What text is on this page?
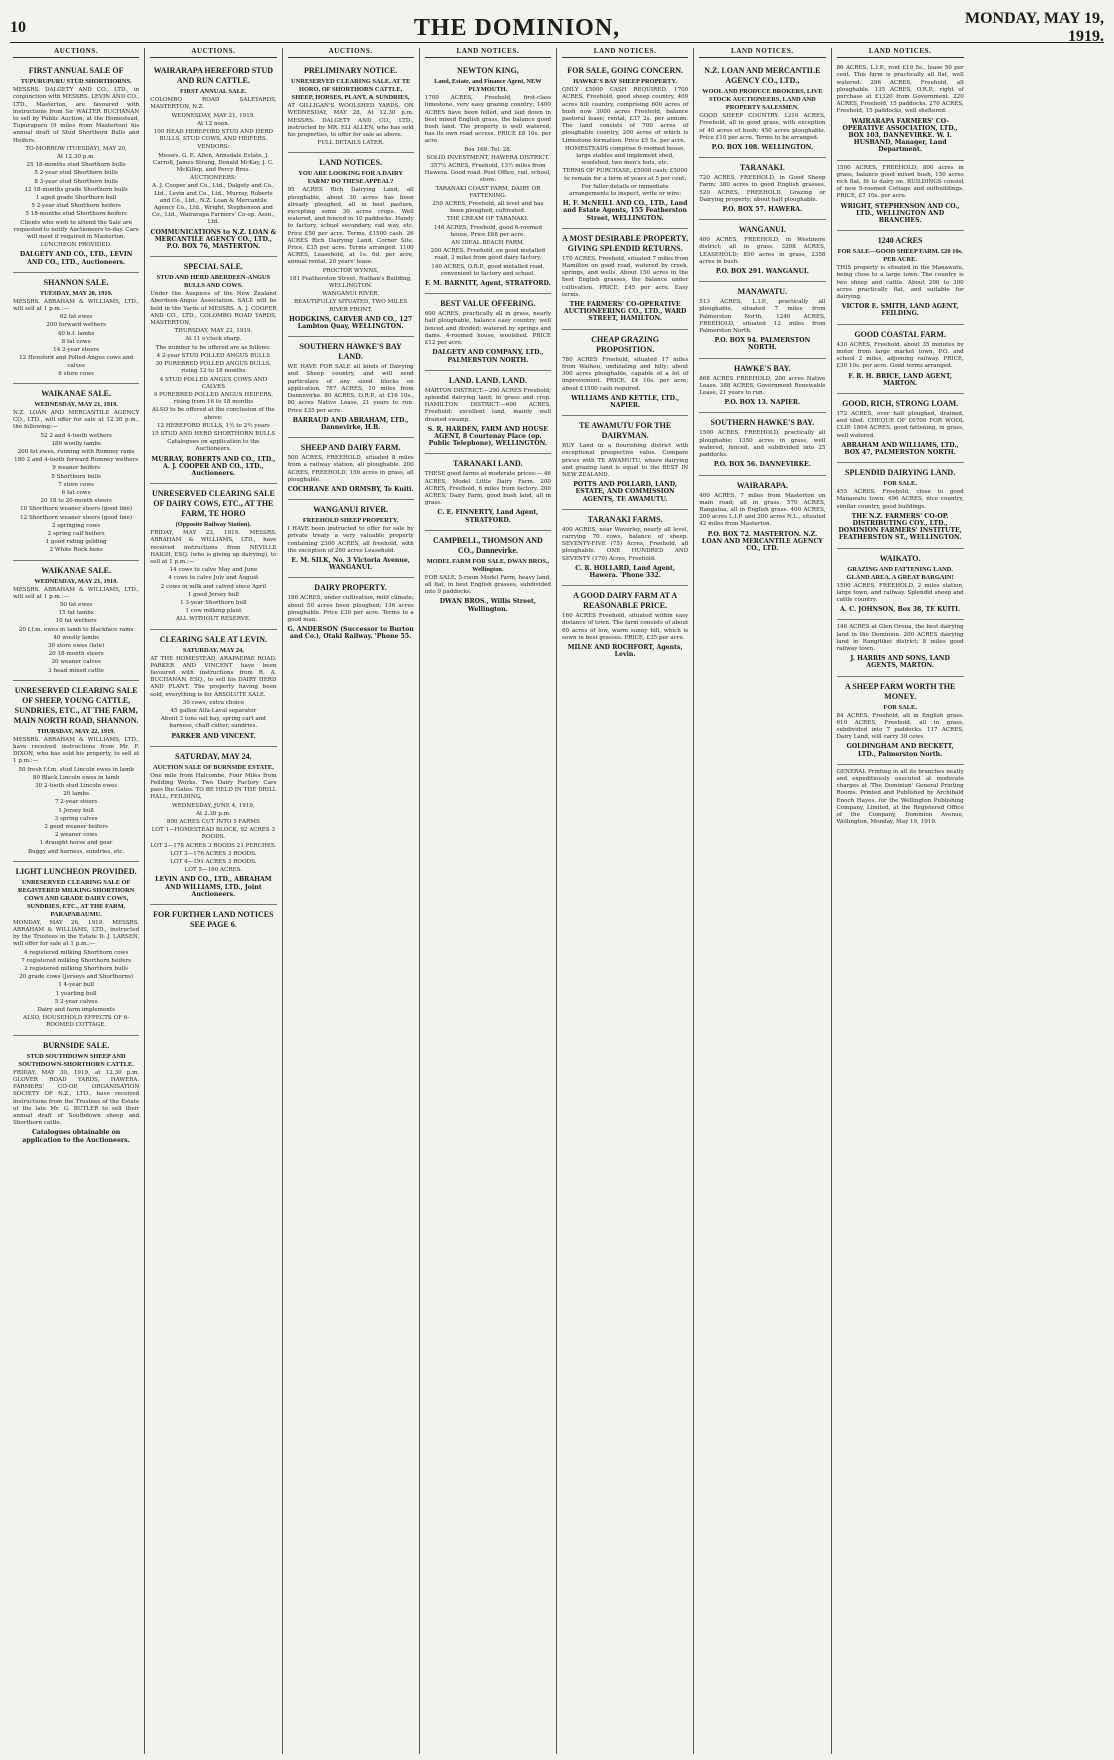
10	THE DOMINION,	MONDAY, MAY 19, 1919.
AUCTIONS.
FIRST ANNUAL SALE OF
TUPURUPURU STUD SHORTHORNS.
MESSRS. DALGETY AND CO., LTD., in conjunction with MESSRS. LEVIN AND CO., LTD., Masterton, are favoured with instructions from Sir WALTER BUCHANAN to sell by Public Auction, at the Homestead, Tupurupuru (9 miles from Masterton) his annual draft of Stud Shorthorn Bulls and Heifers.
TO-MORROW (TUESDAY), MAY 20,
At 12.30 p.m.
25 18-months stud Shorthorn bulls
5 2-year stud Shorthorn bulls
8 3-year stud Shorthorn bulls
12 18-months grade Shorthorn bulls
1 aged grade Shorthorn bull
5 2-year stud Shorthorn heifers
5 18-months stud Shorthorn heifers
Clients who wish to attend the Sale are requested to notify Auctioneers to-day. Cars will meet if required in Masterton.
LUNCHEON PROVIDED.
DALGETY AND CO., LTD., LEVIN AND CO., LTD., Auctioneers.
SHANNON SALE.
TUESDAY, MAY 20, 1919.
MESSRS. ABRAHAM & WILLIAMS, LTD., will sell at 1 p.m.:—
62 fat ewes
200 forward wethers
40 b.f. lambs
8 fat cows
14 2-year steers
12 Hereford and Polled-Angus cows and calves
6 store cows
WAIKANAE SALE.
WEDNESDAY, MAY 21, 1919.
N.Z. LOAN AND MERCANTILE AGENCY CO., LTD., will offer for sale at 12.30 p.m., the following:—
52 2 and 4-tooth wethers
180 woolly lambs
200 fat ewes, running with Romney rams
180 2 and 4-tooth forward Romney wethers
9 weaner heifers
5 Shorthorn bulls
7 store cows
6 fat cows
20 18 to 20-month steers
10 Shorthorn weaner steers (good line)
12 Shorthorn weaner steers (good line)
2 springing cows
2 spring calf heifers
1 good riding gelding
2 White Rock hens
WAIKANAE SALE.
WEDNESDAY, MAY 21, 1919.
MESSRS. ABRAHAM & WILLIAMS, LTD., will sell at 1 p.m.:—
50 fat ewes
15 fat lambs
10 fat wethers
20 f.f.m. ewes in lamb to blackface rams
40 woolly lambs
30 store ewes (late)
20 18-month steers
20 weaner calves
3 head mixed cattle
UNRESERVED CLEARING SALE OF SHEEP, YOUNG CATTLE, SUNDRIES, ETC., AT THE FARM, MAIN NORTH ROAD, SHANNON.
THURSDAY, MAY 22, 1919.
MESSRS. ABRAHAM & WILLIAMS, LTD., have received instructions from Mr. F. DIXON, who has sold his property, to sell at 1 p.m.:—
50 fresh f.f.m. stud Lincoln ewes in lamb
80 Black Lincoln ewes in lamb
30 2-tooth stud Lincoln ewes
20 lambs
7 2-year steers
1 Jersey bull
3 spring calves
2 good weaner heifers
2 weaner cows
1 draught horse and gear
Buggy and harness, sundries, etc.
LIGHT LUNCHEON PROVIDED.
UNRESERVED CLEARING SALE OF REGISTERED MILKING SHORTHORN COWS AND GRADE DAIRY COWS, SUNDRIES, ETC., AT THE FARM, PARAPARAUMU.
MONDAY, MAY 26, 1919. MESSRS. ABRAHAM & WILLIAMS, LTD., instructed by the Trustees in the Estate D. J. LARSEN, will offer for sale at 1 p.m.:—
4 registered milking Shorthorn cows
7 registered milking Shorthorn heifers
2 registered milking Shorthorn bulls
20 grade cows (Jerseys and Shorthorns)
1 4-year bull
1 yearling bull
5 2-year calves
Dairy and farm implements
ALSO, HOUSEHOLD EFFECTS OF 6-ROOMED COTTAGE.
BURNSIDE SALE.
STUD SOUTHDOWN SHEEP AND SOUTHDOWN-SHORTHORN CATTLE.
FRIDAY, MAY 30, 1919, at 12.30 p.m. GLOVER ROAD YARDS, HAWERA. FARMERS' CO-OP. ORGANISATION SOCIETY OF N.Z., LTD., have received instructions from the Trustees of the Estate of the late Mr. G. BUTLER to sell their annual draft of Southdown sheep and Shorthorn cattle.
Catalogues obtainable on application to the Auctioneers.
AUCTIONS.
WAIRARAPA HEREFORD STUD AND RUN CATTLE.
FIRST ANNUAL SALE.
COLOMBO ROAD SALEYARDS, MASTERTON, N.Z.
WEDNESDAY, MAY 21, 1919.
At 12 noon.
100 HEAD HEREFORD STUD AND HERD BULLS, STUD COWS, AND HEIFERS.
VENDORS:
Messrs. G. E. Allen, Annsdale Estate, J. Carroll, James Strang, Donald McKay, J. C. McKillop, and Percy Bros.
AUCTIONEERS:
A. J. Cooper and Co., Ltd., Dalgety and Co., Ltd., Levin and Co., Ltd., Murray, Roberts and Co., Ltd., N.Z. Loan & Mercantile Agency Co., Ltd., Wright, Stephenson and Co., Ltd., Wairarapa Farmers' Co-op. Assn., Ltd.
COMMUNICATIONS to N.Z. LOAN & MERCANTILE AGENCY CO., LTD., P.O. BOX 76, MASTERTON.
SPECIAL SALE.
STUD AND HERD ABERDEEN-ANGUS BULLS AND COWS.
Under the Auspices of the New Zealand Aberdeen-Angus Association. SALE will be held in the Yards of MESSRS. A. J. COOPER AND CO., LTD., COLOMBO ROAD YARDS, MASTERTON,
THURSDAY, MAY 22, 1919,
At 11 o'clock sharp.
The number to be offered are as follows:
4 2-year STUD POLLED ANGUS BULLS
30 PUREBRED POLLED ANGUS BULLS, rising 12 to 18 months
4 STUD POLLED ANGUS COWS AND CALVES
9 PUREBRED POLLED ANGUS HEIFERS, rising from 16 to 18 months
ALSO to be offered at the conclusion of the above:
12 HEREFORD BULLS, 1½ to 2½ years
15 STUD AND HERD SHORTHORN BULLS
Catalogues on application to the Auctioneers.
MURRAY, ROBERTS AND CO., LTD., A. J. COOPER AND CO., LTD., Auctioneers.
UNRESERVED CLEARING SALE OF DAIRY COWS, ETC., AT THE FARM, TE HORO
(Opposite Railway Station).
FRIDAY, MAY 23, 1919. MESSRS. ABRAHAM & WILLIAMS, LTD., have received instructions from NEVILLE HAIGH, ESQ. (who is giving up dairying), to sell at 1 p.m.:—
14 cows to calve May and June
4 cows to calve July and August
2 cows in milk and calved since April
1 good Jersey bull
1 3-year Shorthorn bull
1 cow milking plant
ALL WITHOUT RESERVE.
CLEARING SALE AT LEVIN.
SATURDAY, MAY 24,
AT THE HOMESTEAD, ARAPAEPAE ROAD. PARKER AND VINCENT have been favoured with instructions from R. A. BUCHANAN, ESQ., to sell his DAIRY HERD AND PLANT. The property having been sold, everything is for ABSOLUTE SALE.
30 cows, extra choice
45 gallon Alfa-Laval separator
About 3 tons oat hay, spring cart and harness, chaff cutter, sundries.
PARKER AND VINCENT.
SATURDAY, MAY 24.
AUCTION SALE OF BURNSIDE ESTATE,
One mile from Halcombe, Four Miles from Feilding Works. Two Dairy Factory Cars pass the Gates. TO BE HELD IN THE DRILL HALL, FEILDING,
WEDNESDAY, JUNE 4, 1919,
At 2.30 p.m.
800 ACRES CUT INTO 5 FARMS
LOT 1—HOMESTEAD BLOCK, 92 ACRES 3 ROODS.
LOT 2—178 ACRES 3 ROODS 21 PERCHES.
LOT 3—176 ACRES 3 ROODS.
LOT 4—191 ACRES 3 ROODS.
LOT 5—160 ACRES.
LEVIN AND CO., LTD., ABRAHAM AND WILLIAMS, LTD., Joint Auctioneers.
FOR FURTHER LAND NOTICES SEE PAGE 6.
AUCTIONS.
PRELIMINARY NOTICE.
UNRESERVED CLEARING SALE, AT TE HORO, OF SHORTHORN CATTLE, SHEEP, HORSES, PLANT, & SUNDRIES,
AT GILLIGAN'S WOOLSHED YARDS, ON WEDNESDAY, MAY 28, At 12.30 p.m. MESSRS. DALGETY AND CO., LTD., instructed by MR. ELI ALLEN, who has sold his properties, to offer for sale as above.
FULL DETAILS LATER.
LAND NOTICES.
YOU ARE LOOKING FOR A DAIRY FARM? DO THESE APPEAL?
95 ACRES Rich Dairying Land, all ploughable, about 30 acres has been already ploughed, all in best pasture, excepting some 30 acres crops. Well watered, and fenced in 10 paddocks. Handy to factory, school secondary, rail way, etc. Price £50 per acre. Terms, £1500 cash. 26 ACRES Rich Dairying Land, Corner Site. Price, £35 per acre. Terms arranged. 1100 ACRES, Leasehold, at 1s. 6d. per acre, annual rental, 20 years' lease.
PROCTOR WYNNS,
181 Featherston Street, Nathan's Building, WELLINGTON.
WANGANUI RIVER.
BEAUTIFULLY SITUATED, TWO MILES RIVER FRONT.
HODGKINS, CARVER AND CO., 127 Lambton Quay, WELLINGTON.
SOUTHERN HAWKE'S BAY LAND.
WE HAVE FOR SALE all kinds of Dairying and Sheep country, and will send particulars of any sized blocks on application. 787 ACRES, 10 miles from Dannevirke. 80 ACRES, O.R.P., at £16 10s., 80 acres Native Lease, 21 years to run. Price £35 per acre.
BARRAUD AND ABRAHAM, LTD., Dannevirke, H.B.
SHEEP AND DAIRY FARM.
500 ACRES, FREEHOLD, situated 8 miles from a railway station, all ploughable. 200 ACRES, FREEHOLD, 150 acres in grass, all ploughable.
COCHRANE AND ORMSBY, Te Kuiti.
WANGANUI RIVER.
FREEHOLD SHEEP PROPERTY.
I HAVE been instructed to offer for sale by private treaty a very valuable property containing 2300 ACRES, all freehold, with the exception of 260 acres Leasehold.
E. M. SILK, No. 3 Victoria Avenue, WANGANUI.
DAIRY PROPERTY.
186 ACRES, under cultivation, mild climate; about 50 acres been ploughed; 136 acres ploughable. Price £30 per acre. Terms to a good man.
G. ANDERSON (Successor to Burton and Co.), Otaki Railway. 'Phone 55.
LAND NOTICES.
NEWTON KING,
Land, Estate, and Finance Agent, NEW PLYMOUTH.
1700 ACRES, Freehold, first-class limestone, very easy grazing country; 1400 ACRES have been felled, and laid down in best mixed English grass, the balance good bush land. The property is well watered, has its own road access. PRICE £8 10s. per acre.
Box 169. Tel. 28.
SOLID INVESTMENT, HAWERA DISTRICT.
357½ ACRES, Freehold, 13½ miles from Hawera. Good road. Post Office, rail, school, store.
TARANAKI COAST FARM, DAIRY OR FATTENING.
250 ACRES, Freehold, all level and has been ploughed, cultivated.
THE CREAM OF TARANAKI.
146 ACRES, Freehold, good 6-roomed house, Price £68 per acre.
AN IDEAL BEACH FARM.
200 ACRES, Freehold, on good metalled road, 3 miles from good dairy factory.
140 ACRES, O.R.P., good metalled road, convenient to factory and school.
F. M. BARNITT, Agent, STRATFORD.
BEST VALUE OFFERING.
600 ACRES, practically all in grass, nearly half ploughable, balance easy country; well fenced and divided; watered by springs and dams. 4-roomed house, woolshed. PRICE £12 per acre.
DALGETY AND COMPANY, LTD., PALMERSTON NORTH.
LAND. LAND. LAND.
MARTON DISTRICT.—290 ACRES Freehold; splendid dairying land; in grass and crop. HAMILTON DISTRICT.—600 ACRES, Freehold; excellent land, mainly well drained swamp.
S. R. HARDEN, FARM AND HOUSE AGENT, 8 Courtenay Place (op. Public Telephone), WELLINGTON.
TARANAKI LAND.
THESE good farms at moderate prices:— 46 ACRES, Model Little Dairy Farm. 200 ACRES, Freehold, 6 miles from factory. 200 ACRES, Dairy Farm, good bush land, all in grass.
C. E. FINNERTY, Land Agent, STRATFORD.
CAMPBELL, THOMSON AND CO., Dannevirke.
MODEL FARM FOR SALE, DWAN BROS., Wellington.
FOR SALE, 5-room Model Farm, heavy land, all flat, in best English grasses, subdivided into 9 paddocks.
DWAN BROS., Willis Street, Wellington.
LAND NOTICES.
FOR SALE, GOING CONCERN.
HAWKE'S BAY SHEEP PROPERTY.
ONLY £5000 CASH REQUIRED. 1700 ACRES, Freehold, good sheep country, 400 acres hill country, comprising 600 acres of bush now 3000 acres Freehold, balance pastoral lease; rental, £37 2s. per annum. The land consists of 700 acres of ploughable country, 200 acres of which is Limestone formation. Price £5 5s. per acre.
HOMESTEADS comprise 6-roomed house, large stables and implement shed, woolshed, two men's huts, etc.
TERMS OF PURCHASE, £5000 cash; £5000 to remain for a term of years at 5 per cent.
For fuller details or immediate arrangements to inspect, write or wire:
H. F. McNEILL AND CO., LTD., Land and Estate Agents, 155 Featherston Street, WELLINGTON.
A MOST DESIRABLE PROPERTY, GIVING SPLENDID RETURNS.
170 ACRES, Freehold, situated 7 miles from Hamilton on good road, watered by creek, springs, and wells. About 150 acres in the best English grasses, the balance under cultivation. PRICE, £45 per acre. Easy terms.
THE FARMERS' CO-OPERATIVE AUCTIONEERING CO., LTD., WARD STREET, HAMILTON.
CHEAP GRAZING PROPOSITION.
780 ACRES Freehold, situated 17 miles from Waihou, undulating and hilly; about 300 acres ploughable, capable of a lot of improvement. PRICE, £4 10s. per acre; about £1500 cash required.
WILLIAMS AND KETTLE, LTD., NAPIER.
TE AWAMUTU FOR THE DAIRYMAN.
BUY Land in a flourishing district with exceptional prospective value. Compare prices with TE AWAMUTU, where dairying and grazing land is equal to the BEST IN NEW ZEALAND.
POTTS AND POLLARD, LAND, ESTATE, AND COMMISSION AGENTS, TE AWAMUTU.
TARANAKI FARMS.
400 ACRES, near Waverley, nearly all level, carrying 70 cows, balance of sheep. SEVENTY-FIVE (75) Acres, Freehold, all ploughable. ONE HUNDRED AND SEVENTY (170) Acres, Freehold.
C. R. HOLLARD, Land Agent, Hawera. 'Phone 332.
A GOOD DAIRY FARM AT A REASONABLE PRICE.
160 ACRES Freehold, situated within easy distance of town. The farm consists of about 60 acres of low, warm sunny hill, which is sown in best grasses. PRICE, £35 per acre.
MILNE AND ROCHFORT, Agents, Levin.
LAND NOTICES.
N.Z. LOAN AND MERCANTILE AGENCY CO., LTD.,
WOOL AND PRODUCE BROKERS, LIVE STOCK AUCTIONEERS, LAND AND PROPERTY SALESMEN.
GOOD SHEEP COUNTRY. 1210 ACRES, Freehold, all in good grass, with exception of 40 acres of bush; 450 acres ploughable. Price £10 per acre. Terms to be arranged.
P.O. BOX 108. WELLINGTON.
TARANAKI.
720 ACRES, FREEHOLD, in Good Sheep Farm; 380 acres in good English grasses. 520 ACRES, FREEHOLD, Grazing or Dairying property; about half ploughable.
P.O. BOX 57. HAWERA.
WANGANUI.
400 ACRES, FREEHOLD, in Westmere district; all in grass. 3208 ACRES, LEASEHOLD; 850 acres in grass, 2358 acres in bush.
P.O. BOX 291. WANGANUI.
MANAWATU.
513 ACRES, L.I.P., practically all ploughable, situated 7 miles from Palmerston North. 1240 ACRES, FREEHOLD, situated 12 miles from Palmerston North.
P.O. BOX 94. PALMERSTON NORTH.
HAWKE'S BAY.
868 ACRES FREEHOLD, 200 acres Native Lease. 388 ACRES, Government Renewable Lease, 21 years to run.
P.O. BOX 13. NAPIER.
SOUTHERN HAWKE'S BAY.
1500 ACRES, FREEHOLD, practically all ploughable; 1350 acres in grass, well watered, fenced, and subdivided into 25 paddocks.
P.O. BOX 56. DANNEVIRKE.
WAIRARAPA.
400 ACRES, 7 miles from Masterton on main road; all in grass. 570 ACRES, Rangatoa, all in English grass. 400 ACRES, 200 acres L.I.P. and 200 acres N.L., situated 42 miles from Masterton.
P.O. BOX 72. MASTERTON. N.Z. LOAN AND MERCANTILE AGENCY CO., LTD.
LAND NOTICES.
86 ACRES, L.I.P., rent £19 5s., lease 50 per cent. This farm is practically all flat, well watered. 296 ACRES, Freehold, all ploughable. 135 ACRES, O.R.P., right of purchase at £1320 from Government. 220 ACRES, Freehold, 15 paddocks. 270 ACRES, Freehold, 15 paddocks, well sheltered.
WAIRARAPA FARMERS' CO-OPERATIVE ASSOCIATION, LTD., BOX 103, DANNEVIRKE. W. I. HUSBAND, Manager, Land Department.
1500 ACRES, FREEHOLD; 800 acres in grass, balance good mixed bush, 150 acres rich flat, fit to dairy on. BUILDINGS consist of new 5-roomed Cottage and outbuildings. PRICE, £7 10s. per acre.
WRIGHT, STEPHENSON AND CO., LTD., WELLINGTON AND BRANCHES.
1240 ACRES
FOR SALE—GOOD SHEEP FARM. £20 10s. PER ACRE.
THIS property is situated in the Manawatu, being close to a large town. The country is two sheep and cattle. About 200 to 300 acres practically flat, and suitable for dairying.
VICTOR E. SMITH, LAND AGENT, FEILDING.
GOOD COASTAL FARM.
430 ACRES, Freehold, about 35 minutes by motor from large market town, P.O. and school 2 miles, adjoining railway. PRICE, £30 10s. per acre. Good terms arranged.
F. R. H. BRICE, LAND AGENT, MARTON.
GOOD, RICH, STRONG LOAM.
172 ACRES, over half ploughed, drained, and tiled. CHEQUE OF £6700 FOR WOOL CLIP. 1804 ACRES, good fattening, in grass, well watered.
ABRAHAM AND WILLIAMS, LTD., BOX 47, PALMERSTON NORTH.
SPLENDID DAIRYING LAND.
FOR SALE.
455 ACRES, Freehold, close to good Manawatu town. 496 ACRES, nice country, similar country, good buildings.
THE N.Z. FARMERS' CO-OP. DISTRIBUTING COY., LTD., DOMINION FARMERS' INSTITUTE, FEATHERSTON ST., WELLINGTON.
WAIKATO.
GRAZING AND FATTENING LAND. GLAND AREA. A GREAT BARGAIN!
1500 ACRES, FREEHOLD, 2 miles station, large town, and railway. Splendid sheep and cattle country.
A. C. JOHNSON, Box 38, TE KUITI.
146 ACRES at Glen Oroua, the best dairying land in the Dominion. 200 ACRES dairying land in Rangitikei district; 8 miles good railway town.
J. HARRIS AND SONS, LAND AGENTS, MARTON.
A SHEEP FARM WORTH THE MONEY.
FOR SALE.
84 ACRES, Freehold, all in English grass. 610 ACRES, Freehold, all in grass, subdivided into 7 paddocks. 117 ACRES, Dairy Land, will carry 30 cows.
GOLDINGHAM AND BECKETT, LTD., Palmerston North.
GENERAL Printing in all its branches neatly and expeditiously executed at moderate charges at 'The Dominion' General Printing Rooms. Printed and Published by Archibald Enoch Hayes, for the Wellington Publishing Company, Limited, at the Registered Office of the Company, Dominion Avenue, Wellington, Monday, May 19, 1919.
